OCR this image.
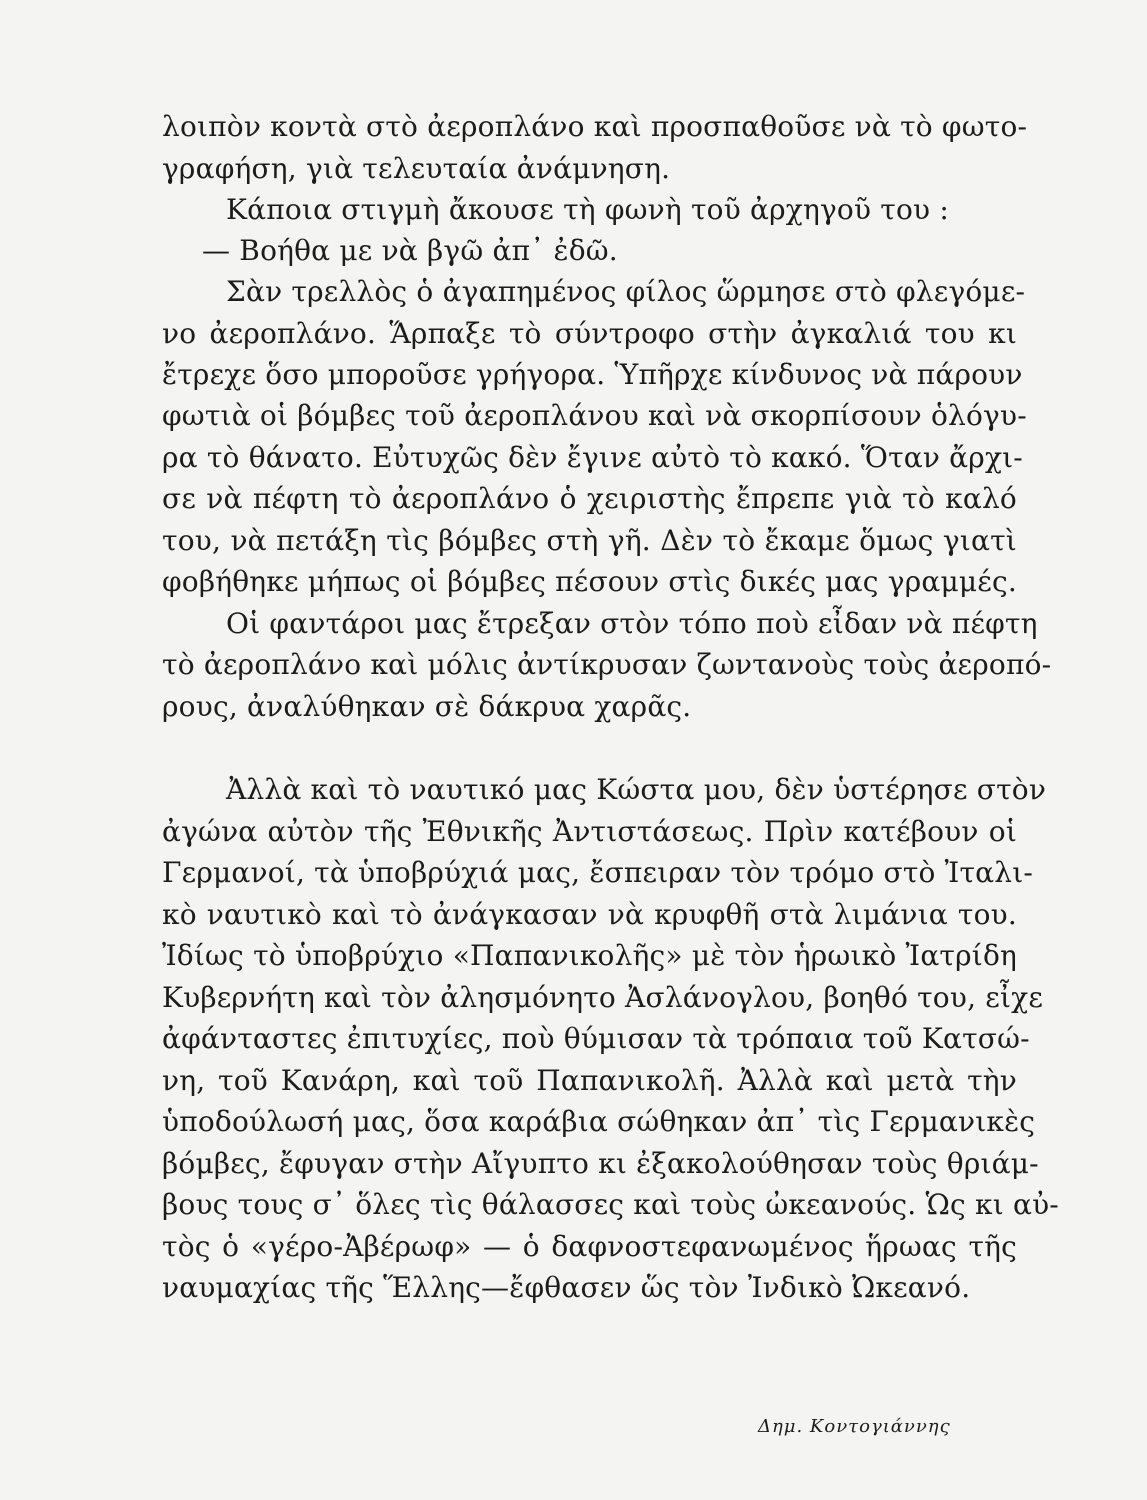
λοιπὸν κοντὰ στὸ ἀεροπλάνο καὶ προσπαθοῦσε νὰ τὸ φωτο-
γραφήση, γιὰ τελευταία ἀνάμνηση.
Κάποια στιγμὴ ἄκουσε τὴ φωνὴ τοῦ ἀρχηγοῦ του :
— Βοήθα με νὰ βγῶ ἀπ᾽ ἐδῶ.
Σὰν τρελλὸς ὁ ἀγαπημένος φίλος ὥρμησε στὸ φλεγόμε-
νο ἀεροπλάνο. Ἅρπαξε τὸ σύντροφο στὴν ἀγκαλιά του κι
ἔτρεχε ὅσο μποροῦσε γρήγορα. Ὑπῆρχε κίνδυνος νὰ πάρουν
φωτιὰ οἱ βόμβες τοῦ ἀεροπλάνου καὶ νὰ σκορπίσουν ὁλόγυ-
ρα τὸ θάνατο. Εὐτυχῶς δὲν ἔγινε αὐτὸ τὸ κακό. Ὅταν ἄρχι-
σε νὰ πέφτη τὸ ἀεροπλάνο ὁ χειριστὴς ἔπρεπε γιὰ τὸ καλό
του, νὰ πετάξη τὶς βόμβες στὴ γῆ. Δὲν τὸ ἔκαμε ὅμως γιατὶ
φοβήθηκε μήπως οἱ βόμβες πέσουν στὶς δικές μας γραμμές.
Οἱ φαντάροι μας ἔτρεξαν στὸν τόπο ποὺ εἶδαν νὰ πέφτη
τὸ ἀεροπλάνο καὶ μόλις ἀντίκρυσαν ζωντανοὺς τοὺς ἀεροπό-
ρους, ἀναλύθηκαν σὲ δάκρυα χαρᾶς.
Ἀλλὰ καὶ τὸ ναυτικό μας Κώστα μου, δὲν ὑστέρησε στὸν
ἀγώνα αὐτὸν τῆς Ἐθνικῆς Ἀντιστάσεως. Πρὶν κατέβουν οἱ
Γερμανοί, τὰ ὑποβρύχιά μας, ἔσπειραν τὸν τρόμο στὸ Ἰταλι-
κὸ ναυτικὸ καὶ τὸ ἀνάγκασαν νὰ κρυφθῆ στὰ λιμάνια του.
Ἰδίως τὸ ὑποβρύχιο «Παπανικολῆς» μὲ τὸν ἡρωικὸ Ἰατρίδη
Κυβερνήτη καὶ τὸν ἀλησμόνητο Ἀσλάνογλου, βοηθό του, εἶχε
ἀφάνταστες ἐπιτυχίες, ποὺ θύμισαν τὰ τρόπαια τοῦ Κατσώ-
νη, τοῦ Κανάρη, καὶ τοῦ Παπανικολῆ. Ἀλλὰ καὶ μετὰ τὴν
ὑποδούλωσή μας, ὅσα καράβια σώθηκαν ἀπ᾽ τὶς Γερμανικὲς
βόμβες, ἔφυγαν στὴν Αἴγυπτο κι ἐξακολούθησαν τοὺς θριάμ-
βους τους σ᾽ ὅλες τὶς θάλασσες καὶ τοὺς ὠκεανούς. Ὡς κι αὐ-
τὸς ὁ «γέρο-Ἀβέρωφ» — ὁ δαφνοστεφανωμένος ἥρωας τῆς
ναυμαχίας τῆς Ἕλλης—ἔφθασεν ὥς τὸν Ἰνδικὸ Ὠκεανό.
Δημ. Κοντογιάννης
